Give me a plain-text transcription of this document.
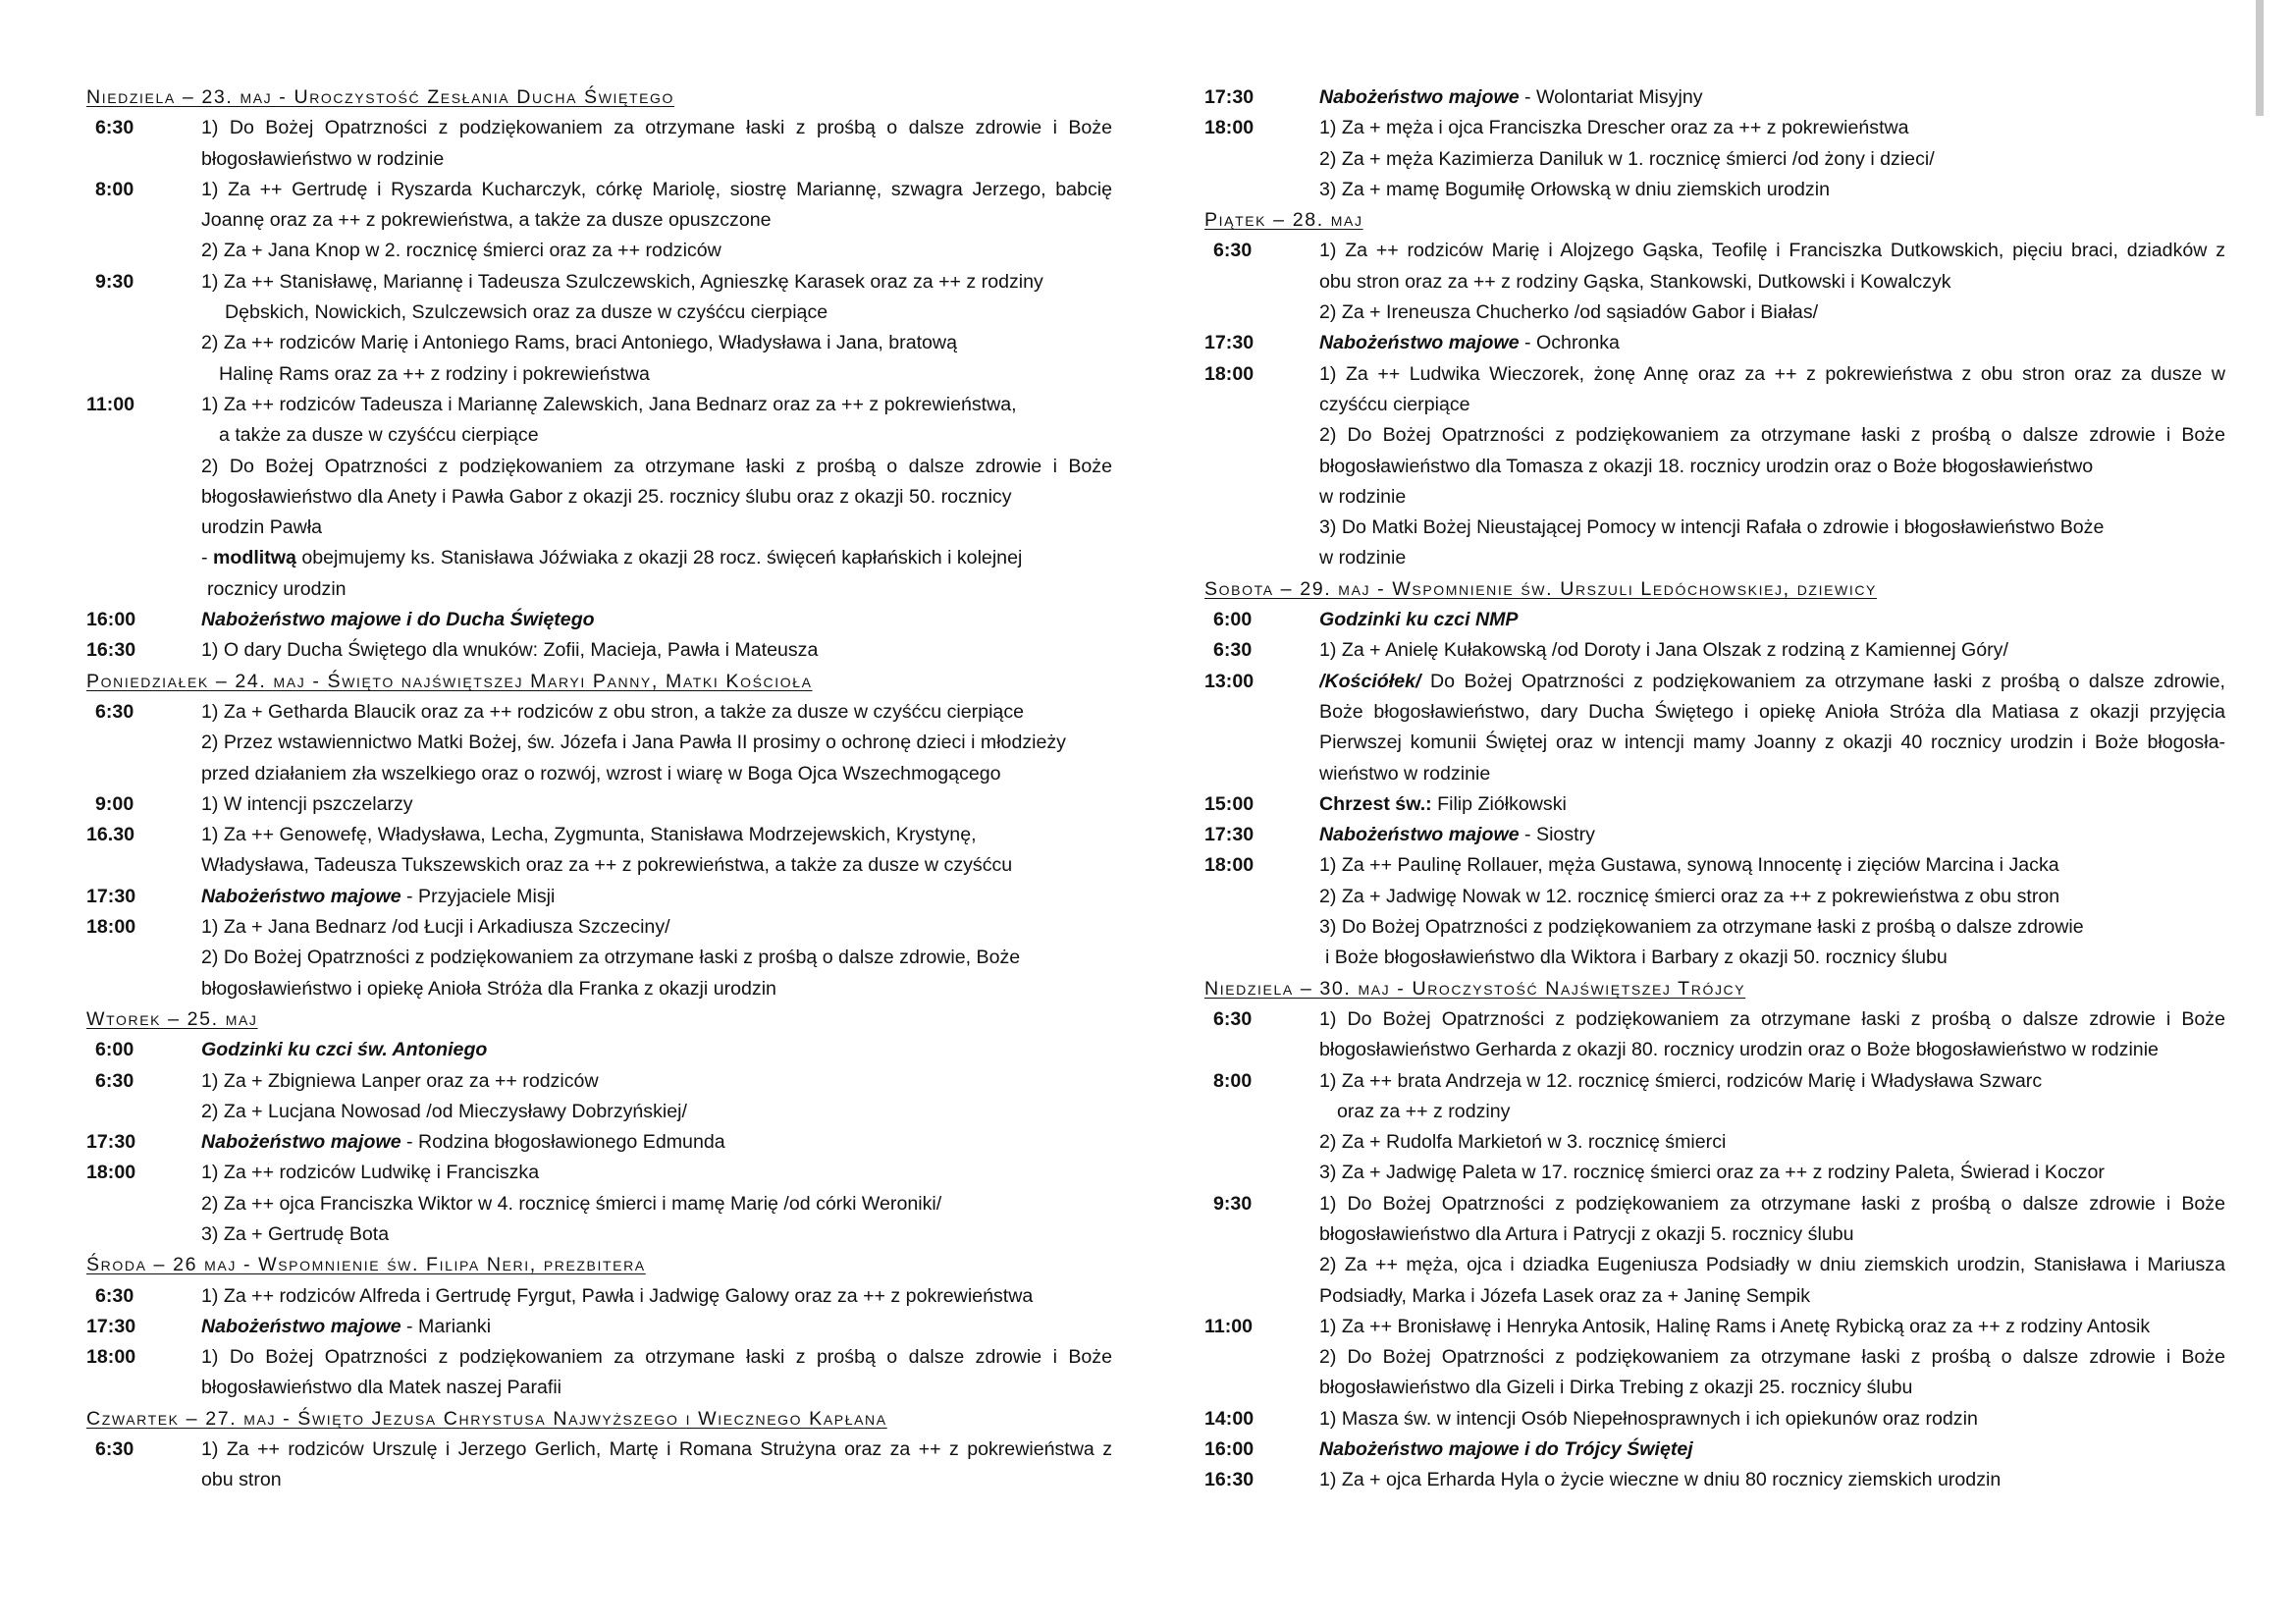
Niedziela – 23. maj - Uroczystość Zesłania Ducha Świętego
6:30	1) Do Bożej Opatrzności z podziękowaniem za otrzymane łaski z prośbą o dalsze zdrowie i Boże
błogosławieństwo w rodzinie
8:00	1) Za ++ Gertrudę i Ryszarda Kucharczyk, córkę Mariolę, siostrę Mariannę, szwagra Jerzego, babcię
Joannę oraz za ++ z pokrewieństwa, a także za dusze opuszczone
2) Za + Jana Knop w 2. rocznicę śmierci oraz za ++ rodziców
9:30	1) Za ++ Stanisławę, Mariannę i Tadeusza Szulczewskich, Agnieszkę Karasek oraz za ++ z rodziny
Dębskich, Nowickich, Szulczewsich oraz za dusze w czyśćcu cierpiące
2) Za ++ rodziców Marię i Antoniego Rams, braci Antoniego, Władysława i Jana, bratową
Halinę Rams oraz za ++ z rodziny i pokrewieństwa
11:00	1) Za ++ rodziców Tadeusza i Mariannę Zalewskich, Jana Bednarz oraz za ++ z pokrewieństwa,
a także za dusze w czyśćcu cierpiące
2) Do Bożej Opatrzności z podziękowaniem za otrzymane łaski z prośbą o dalsze zdrowie i Boże
błogosławieństwo dla Anety i Pawła Gabor z okazji 25. rocznicy ślubu oraz z okazji 50. rocznicy
urodzin Pawła
- modlitwą obejmujemy ks. Stanisława Jóźwiaka z okazji 28 rocz. święceń kapłańskich i kolejnej
rocznicy urodzin
16:00	Nabożeństwo majowe i do Ducha Świętego
16:30	1) O dary Ducha Świętego dla wnuków: Zofii, Macieja, Pawła i Mateusza
Poniedziałek – 24. maj - Święto najświętszej Maryi Panny, Matki Kościoła
6:30	1) Za + Getharda Blaucik oraz za ++ rodziców z obu stron, a także za dusze w czyśćcu cierpiące
2) Przez wstawiennictwo Matki Bożej, św. Józefa i Jana Pawła II prosimy o ochronę dzieci i młodzieży
przed działaniem zła wszelkiego oraz o rozwój, wzrost i wiarę w Boga Ojca Wszechmogącego
9:00	1) W intencji pszczelarzy
16.30	1) Za ++ Genowefę, Władysława, Lecha, Zygmunta, Stanisława Modrzejewskich, Krystynę,
Władysława, Tadeusza Tukszewskich oraz za ++ z pokrewieństwa, a także za dusze w czyśćcu
17:30	Nabożeństwo majowe - Przyjaciele Misji
18:00	1) Za + Jana Bednarz /od Łucji i Arkadiusza Szczeciny/
2) Do Bożej Opatrzności z podziękowaniem za otrzymane łaski z prośbą o dalsze zdrowie, Boże
błogosławieństwo i opiekę Anioła Stróża dla Franka z okazji urodzin
Wtorek – 25. maj
6:00	Godzinki ku czci św. Antoniego
6:30	1) Za + Zbigniewa Lanper oraz za ++ rodziców
2) Za + Lucjana Nowosad /od Mieczysławy Dobrzyńskiej/
17:30	Nabożeństwo majowe - Rodzina błogosławionego Edmunda
18:00	1) Za ++ rodziców Ludwikę i Franciszka
2) Za ++ ojca Franciszka Wiktor w 4. rocznicę śmierci i mamę Marię /od córki Weroniki/
3) Za + Gertrudę Bota
Środa – 26 maj - Wspomnienie św. Filipa Neri, prezbitera
6:30	1) Za ++ rodziców Alfreda i Gertrudę Fyrgut, Pawła i Jadwigę Galowy oraz za ++ z pokrewieństwa
17:30	Nabożeństwo majowe - Marianki
18:00	1) Do Bożej Opatrzności z podziękowaniem za otrzymane łaski z prośbą o dalsze zdrowie i Boże
błogosławieństwo dla Matek naszej Parafii
Czwartek – 27. maj - Święto Jezusa Chrystusa Najwyższego i Wiecznego Kapłana
6:30	1) Za ++ rodziców Urszulę i Jerzego Gerlich, Martę i Romana Strużyna oraz za ++ z pokrewieństwa z
obu stron
17:30	Nabożeństwo majowe - Wolontariat Misyjny
18:00	1) Za + męża i ojca Franciszka Drescher oraz za ++ z pokrewieństwa
2) Za + męża Kazimierza Daniluk w 1. rocznicę śmierci /od żony i dzieci/
3) Za + mamę Bogumiłę Orłowską w dniu ziemskich urodzin
Piątek – 28. maj
6:30	1) Za ++ rodziców Marię i Alojzego Gąska, Teofilę i Franciszka Dutkowskich, pięciu braci, dziadków z
obu stron oraz za ++ z rodziny Gąska, Stankowski, Dutkowski i Kowalczyk
2) Za + Ireneusza Chucherko /od sąsiadów Gabor i Białas/
17:30	Nabożeństwo majowe - Ochronka
18:00	1) Za ++ Ludwika Wieczorek, żonę Annę oraz za ++ z pokrewieństwa z obu stron oraz za dusze w
czyśćcu cierpiące
2) Do Bożej Opatrzności z podziękowaniem za otrzymane łaski z prośbą o dalsze zdrowie i Boże
błogosławieństwo dla Tomasza z okazji 18. rocznicy urodzin oraz o Boże błogosławieństwo
w rodzinie
3) Do Matki Bożej Nieustającej Pomocy w intencji Rafała o zdrowie i błogosławieństwo Boże
w rodzinie
Sobota – 29. maj - Wspomnienie św. Urszuli Ledóchowskiej, dziewicy
6:00	Godzinki ku czci NMP
6:30	1) Za + Anielę Kułakowską /od Doroty i Jana Olszak z rodziną z Kamiennej Góry/
13:00	/Kościółek/ Do Bożej Opatrzności z podziękowaniem za otrzymane łaski z prośbą o dalsze zdrowie,
Boże błogosławieństwo, dary Ducha Świętego i opiekę Anioła Stróża dla Matiasa z okazji przyjęcia
Pierwszej komunii Świętej oraz w intencji mamy Joanny z okazji 40 rocznicy urodzin i Boże błogosła-
wieństwo w rodzinie
15:00	Chrzest św.: Filip Ziółkowski
17:30	Nabożeństwo majowe - Siostry
18:00	1) Za ++ Paulinę Rollauer, męża Gustawa, synową Innocentę i zięciów Marcina i Jacka
2) Za + Jadwigę Nowak w 12. rocznicę śmierci oraz za ++ z pokrewieństwa z obu stron
3) Do Bożej Opatrzności z podziękowaniem za otrzymane łaski z prośbą o dalsze zdrowie
i Boże błogosławieństwo dla Wiktora i Barbary z okazji 50. rocznicy ślubu
Niedziela – 30. maj - Uroczystość Najświętszej Trójcy
6:30	1) Do Bożej Opatrzności z podziękowaniem za otrzymane łaski z prośbą o dalsze zdrowie i Boże
błogosławieństwo Gerharda z okazji 80. rocznicy urodzin oraz o Boże błogosławieństwo w rodzinie
8:00	1) Za ++ brata Andrzeja w 12. rocznicę śmierci, rodziców Marię i Władysława Szwarc
oraz za ++ z rodziny
2) Za + Rudolfa Markietoń w 3. rocznicę śmierci
3) Za + Jadwigę Paleta w 17. rocznicę śmierci oraz za ++ z rodziny Paleta, Świerad i Koczor
9:30	1) Do Bożej Opatrzności z podziękowaniem za otrzymane łaski z prośbą o dalsze zdrowie i Boże
błogosławieństwo dla Artura i Patrycji z okazji 5. rocznicy ślubu
2) Za ++ męża, ojca i dziadka Eugeniusza Podsiadły w dniu ziemskich urodzin, Stanisława i Mariusza
Podsiadły, Marka i Józefa Lasek oraz za + Janinę Sempik
11:00	1) Za ++ Bronisławę i Henryka Antosik, Halinę Rams i Anetę Rybicką oraz za ++ z rodziny Antosik
2) Do Bożej Opatrzności z podziękowaniem za otrzymane łaski z prośbą o dalsze zdrowie i Boże
błogosławieństwo dla Gizeli i Dirka Trebing z okazji 25. rocznicy ślubu
14:00	1) Masza św. w intencji Osób Niepełnosprawnych i ich opiekunów oraz rodzin
16:00	Nabożeństwo majowe i do Trójcy Świętej
16:30	1) Za + ojca Erharda Hyla o życie wieczne w dniu 80 rocznicy ziemskich urodzin
